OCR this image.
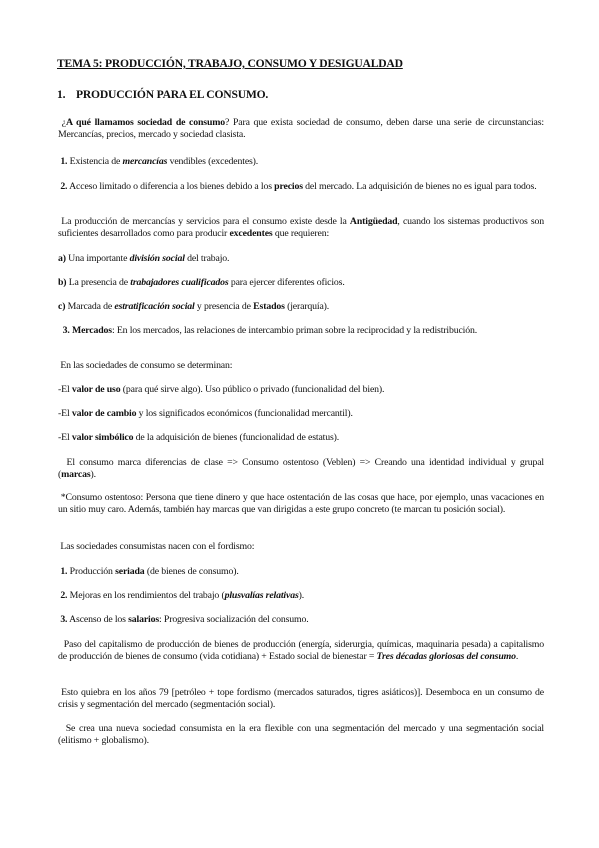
TEMA 5: PRODUCCIÓN, TRABAJO, CONSUMO Y DESIGUALDAD
1. PRODUCCIÓN PARA EL CONSUMO.
¿A qué llamamos sociedad de consumo? Para que exista sociedad de consumo, deben darse una serie de circunstancias: Mercancías, precios, mercado y sociedad clasista.
1. Existencia de mercancías vendibles (excedentes).
2. Acceso limitado o diferencia a los bienes debido a los precios del mercado. La adquisición de bienes no es igual para todos.
La producción de mercancías y servicios para el consumo existe desde la Antigüedad, cuando los sistemas productivos son suficientes desarrollados como para producir excedentes que requieren:
a) Una importante división social del trabajo.
b) La presencia de trabajadores cualificados para ejercer diferentes oficios.
c) Marcada de estratificación social y presencia de Estados (jerarquía).
3. Mercados: En los mercados, las relaciones de intercambio priman sobre la reciprocidad y la redistribución.
En las sociedades de consumo se determinan:
-El valor de uso (para qué sirve algo). Uso público o privado (funcionalidad del bien).
-El valor de cambio y los significados económicos (funcionalidad mercantil).
-El valor simbólico de la adquisición de bienes (funcionalidad de estatus).
El consumo marca diferencias de clase => Consumo ostentoso (Veblen) => Creando una identidad individual y grupal (marcas).
*Consumo ostentoso: Persona que tiene dinero y que hace ostentación de las cosas que hace, por ejemplo, unas vacaciones en un sitio muy caro. Además, también hay marcas que van dirigidas a este grupo concreto (te marcan tu posición social).
Las sociedades consumistas nacen con el fordismo:
1. Producción seriada (de bienes de consumo).
2. Mejoras en los rendimientos del trabajo (plusvalías relativas).
3. Ascenso de los salarios: Progresiva socialización del consumo.
Paso del capitalismo de producción de bienes de producción (energía, siderurgia, químicas, maquinaria pesada) a capitalismo de producción de bienes de consumo (vida cotidiana) + Estado social de bienestar = Tres décadas gloriosas del consumo.
Esto quiebra en los años 79 [petróleo + tope fordismo (mercados saturados, tigres asiáticos)]. Desemboca en un consumo de crisis y segmentación del mercado (segmentación social).
Se crea una nueva sociedad consumista en la era flexible con una segmentación del mercado y una segmentación social (elitismo + globalismo).
